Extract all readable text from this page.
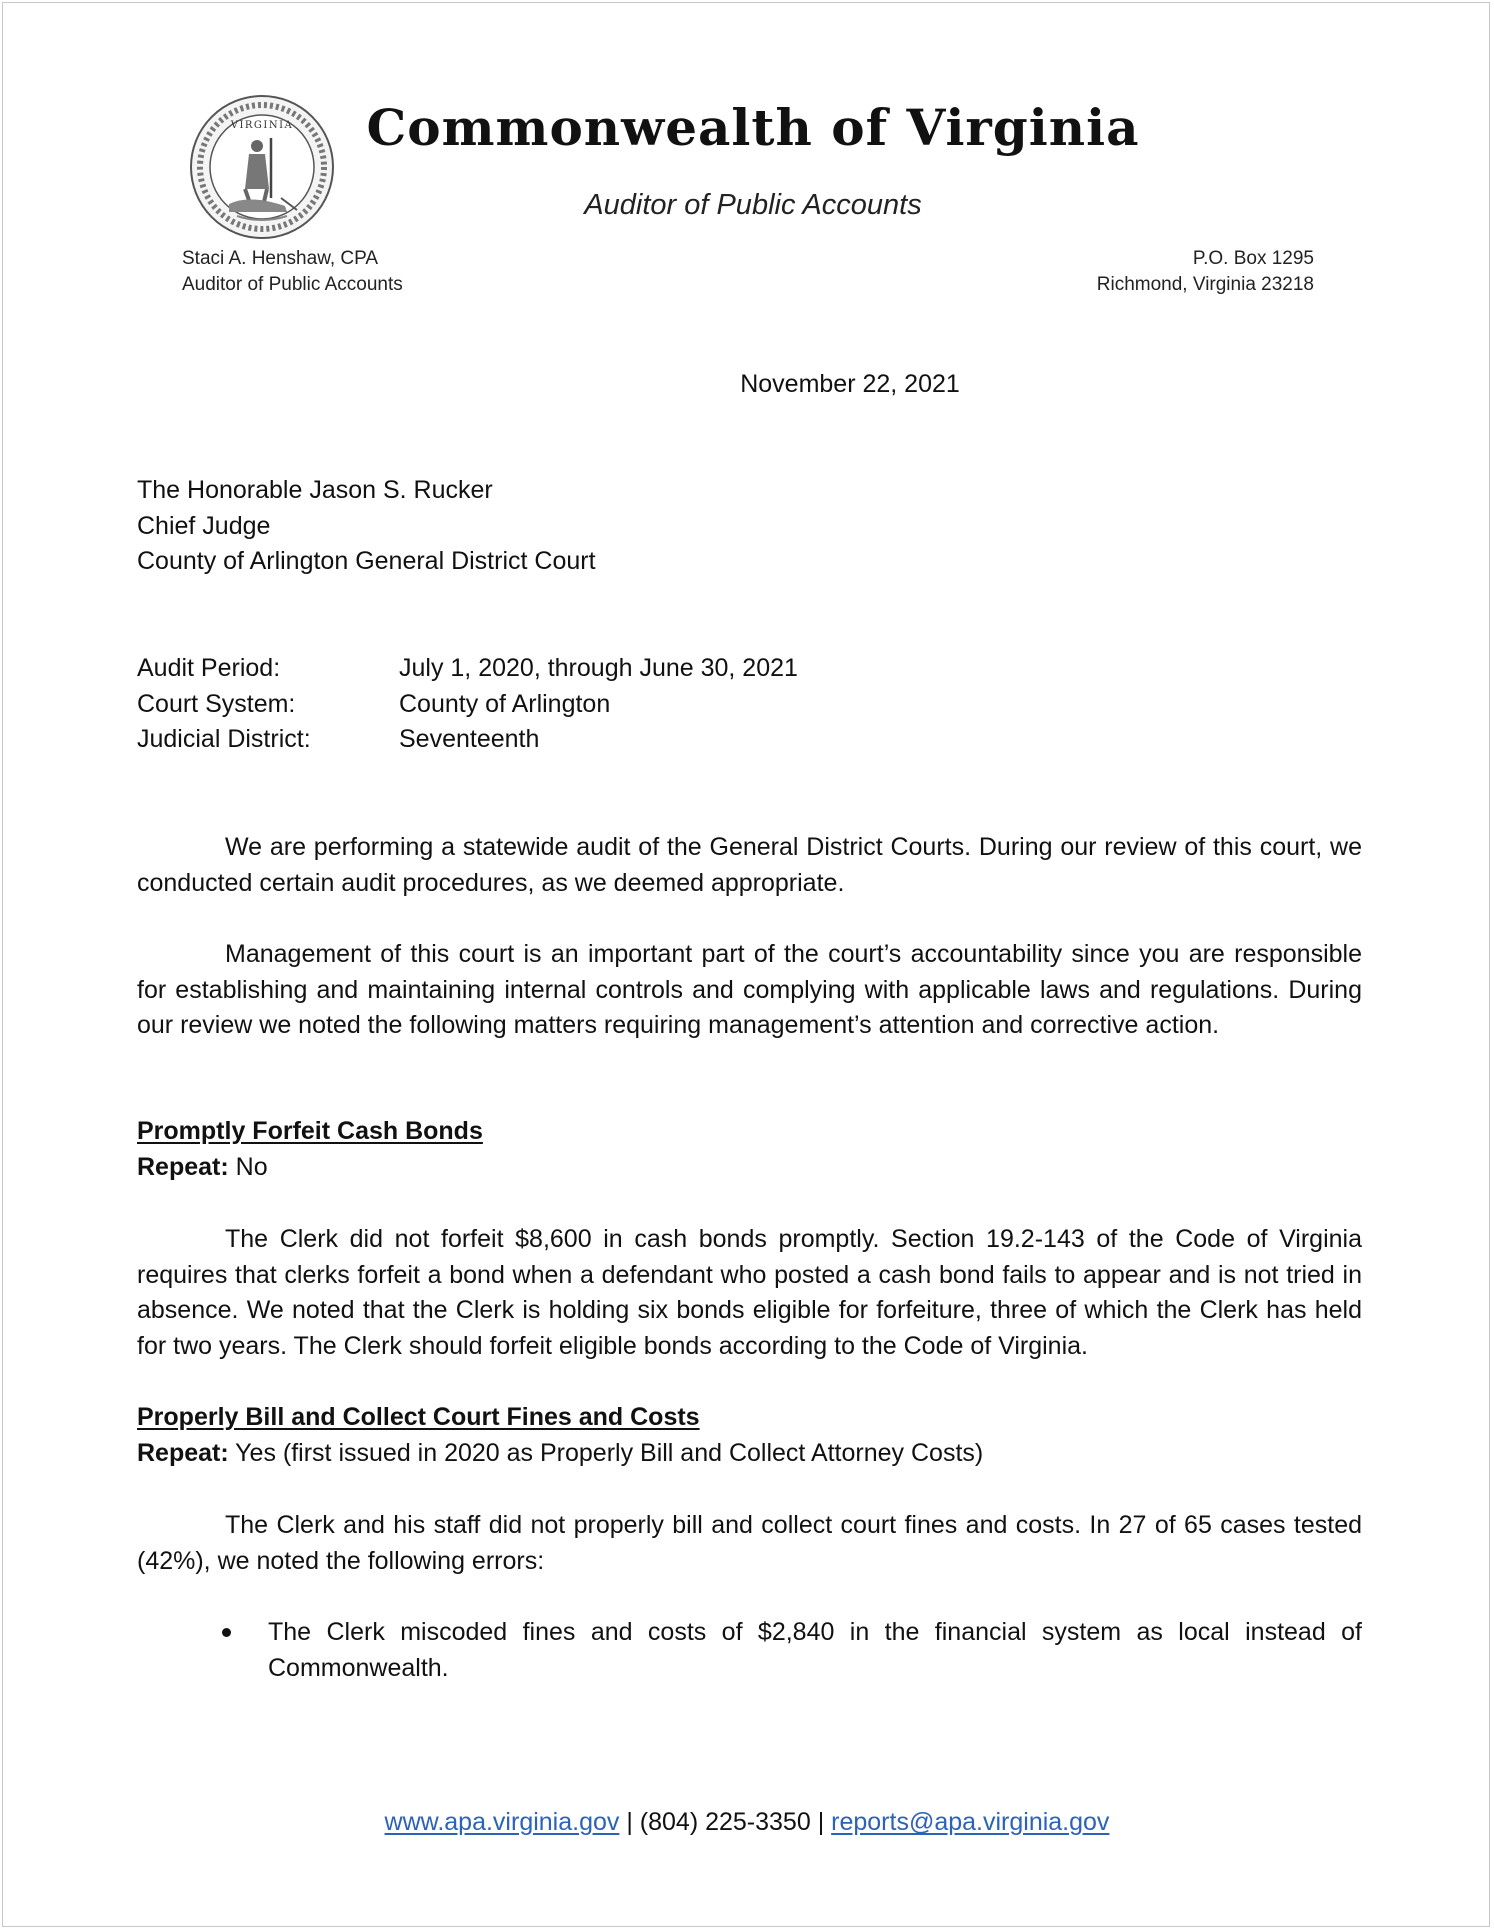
VIRGINIA	Commonwealth of Virginia
Auditor of Public Accounts
Staci A. Henshaw, CPA
Auditor of Public Accounts
P.O. Box 1295
Richmond, Virginia 23218
November 22, 2021
The Honorable Jason S. Rucker
Chief Judge
County of Arlington General District Court
Audit Period:	July 1, 2020, through June 30, 2021
Court System:	County of Arlington
Judicial District:	Seventeenth
We are performing a statewide audit of the General District Courts. During our review of this court, we conducted certain audit procedures, as we deemed appropriate.
Management of this court is an important part of the court’s accountability since you are responsible for establishing and maintaining internal controls and complying with applicable laws and regulations. During our review we noted the following matters requiring management’s attention and corrective action.
Promptly Forfeit Cash Bonds
Repeat: No
The Clerk did not forfeit $8,600 in cash bonds promptly. Section 19.2-143 of the Code of Virginia requires that clerks forfeit a bond when a defendant who posted a cash bond fails to appear and is not tried in absence. We noted that the Clerk is holding six bonds eligible for forfeiture, three of which the Clerk has held for two years. The Clerk should forfeit eligible bonds according to the Code of Virginia.
Properly Bill and Collect Court Fines and Costs
Repeat: Yes (first issued in 2020 as Properly Bill and Collect Attorney Costs)
The Clerk and his staff did not properly bill and collect court fines and costs. In 27 of 65 cases tested (42%), we noted the following errors:
The Clerk miscoded fines and costs of $2,840 in the financial system as local instead of Commonwealth.
www.apa.virginia.gov | (804) 225-3350 | reports@apa.virginia.gov
